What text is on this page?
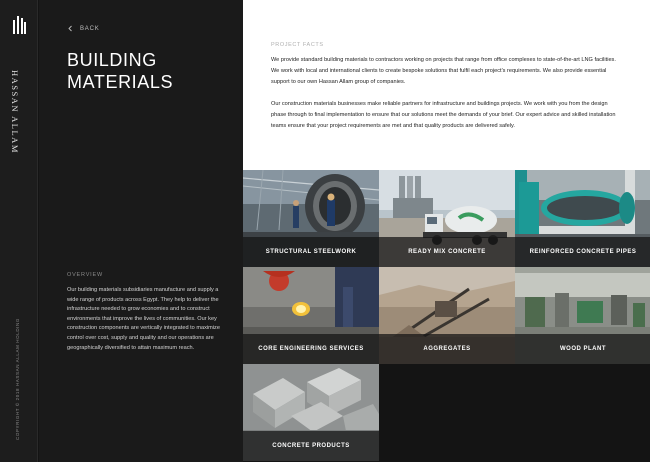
HASSAN ALLAM
COPYRIGHT © 2018 HASSAN ALLAM HOLDING
BACK
BUILDING
MATERIALS
OVERVIEW
Our building materials subsidiaries manufacture and supply a wide range of products across Egypt. They help to deliver the infrastructure needed to grow economies and to construct environments that improve the lives of communities. Our key construction components are vertically integrated to maximize control over cost, supply and quality and our operations are geographically diversified to attain maximum reach.
PROJECT FACTS

We provide standard building materials to contractors working on projects that range from office complexes to state-of-the-art LNG facilities. We work with local and international clients to create bespoke solutions that fulfil each project's requirements. We also provide essential support to our own Hassan Allam group of companies.

Our construction materials businesses make reliable partners for infrastructure and buildings projects. We work with you from the design phase through to final implementation to ensure that our solutions meet the demands of your brief. Our expert advice and skilled installation teams ensure that your project requirements are met and that quality products are delivered safely.

STRUCTURAL STEELWORK	READY MIX CONCRETE	REINFORCED CONCRETE PIPES
CORE ENGINEERING SERVICES	AGGREGATES	WOOD PLANT
CONCRETE PRODUCTS
